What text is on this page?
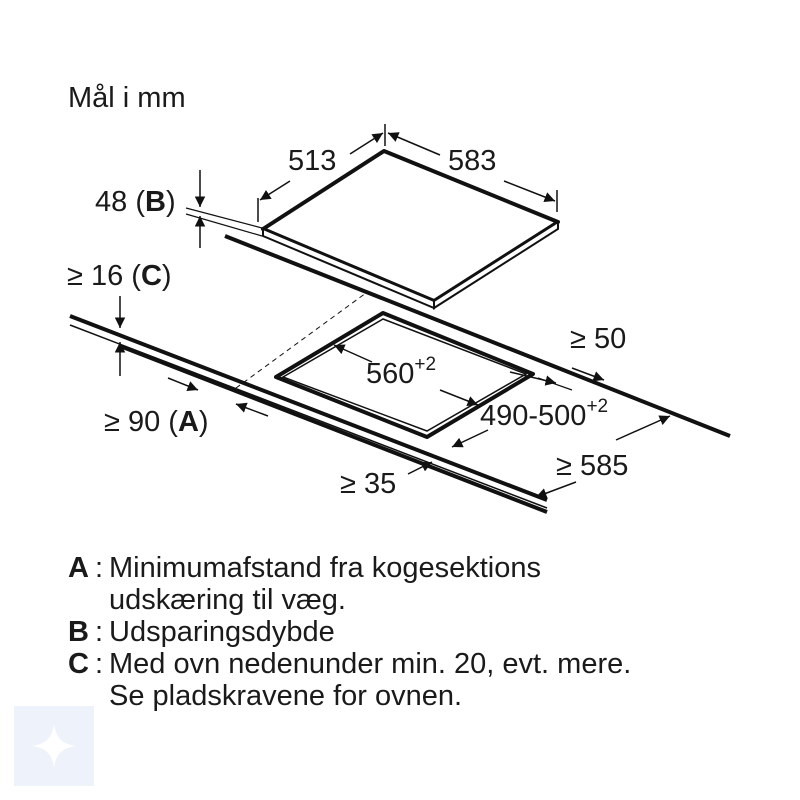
Mål i mm
513	583
48 (B)
≥ 16 (C)
≥ 50
$560^{+2}$
$490-500^{+2}$
≥ 90 (A)
≥ 585
≥ 35
A : Minimumafstand fra kogesektions
udskæring til væg.
B : Udsparingsdybde
C : Med ovn nedenunder min. 20, evt. mere.
Se pladskravene for ovnen.
